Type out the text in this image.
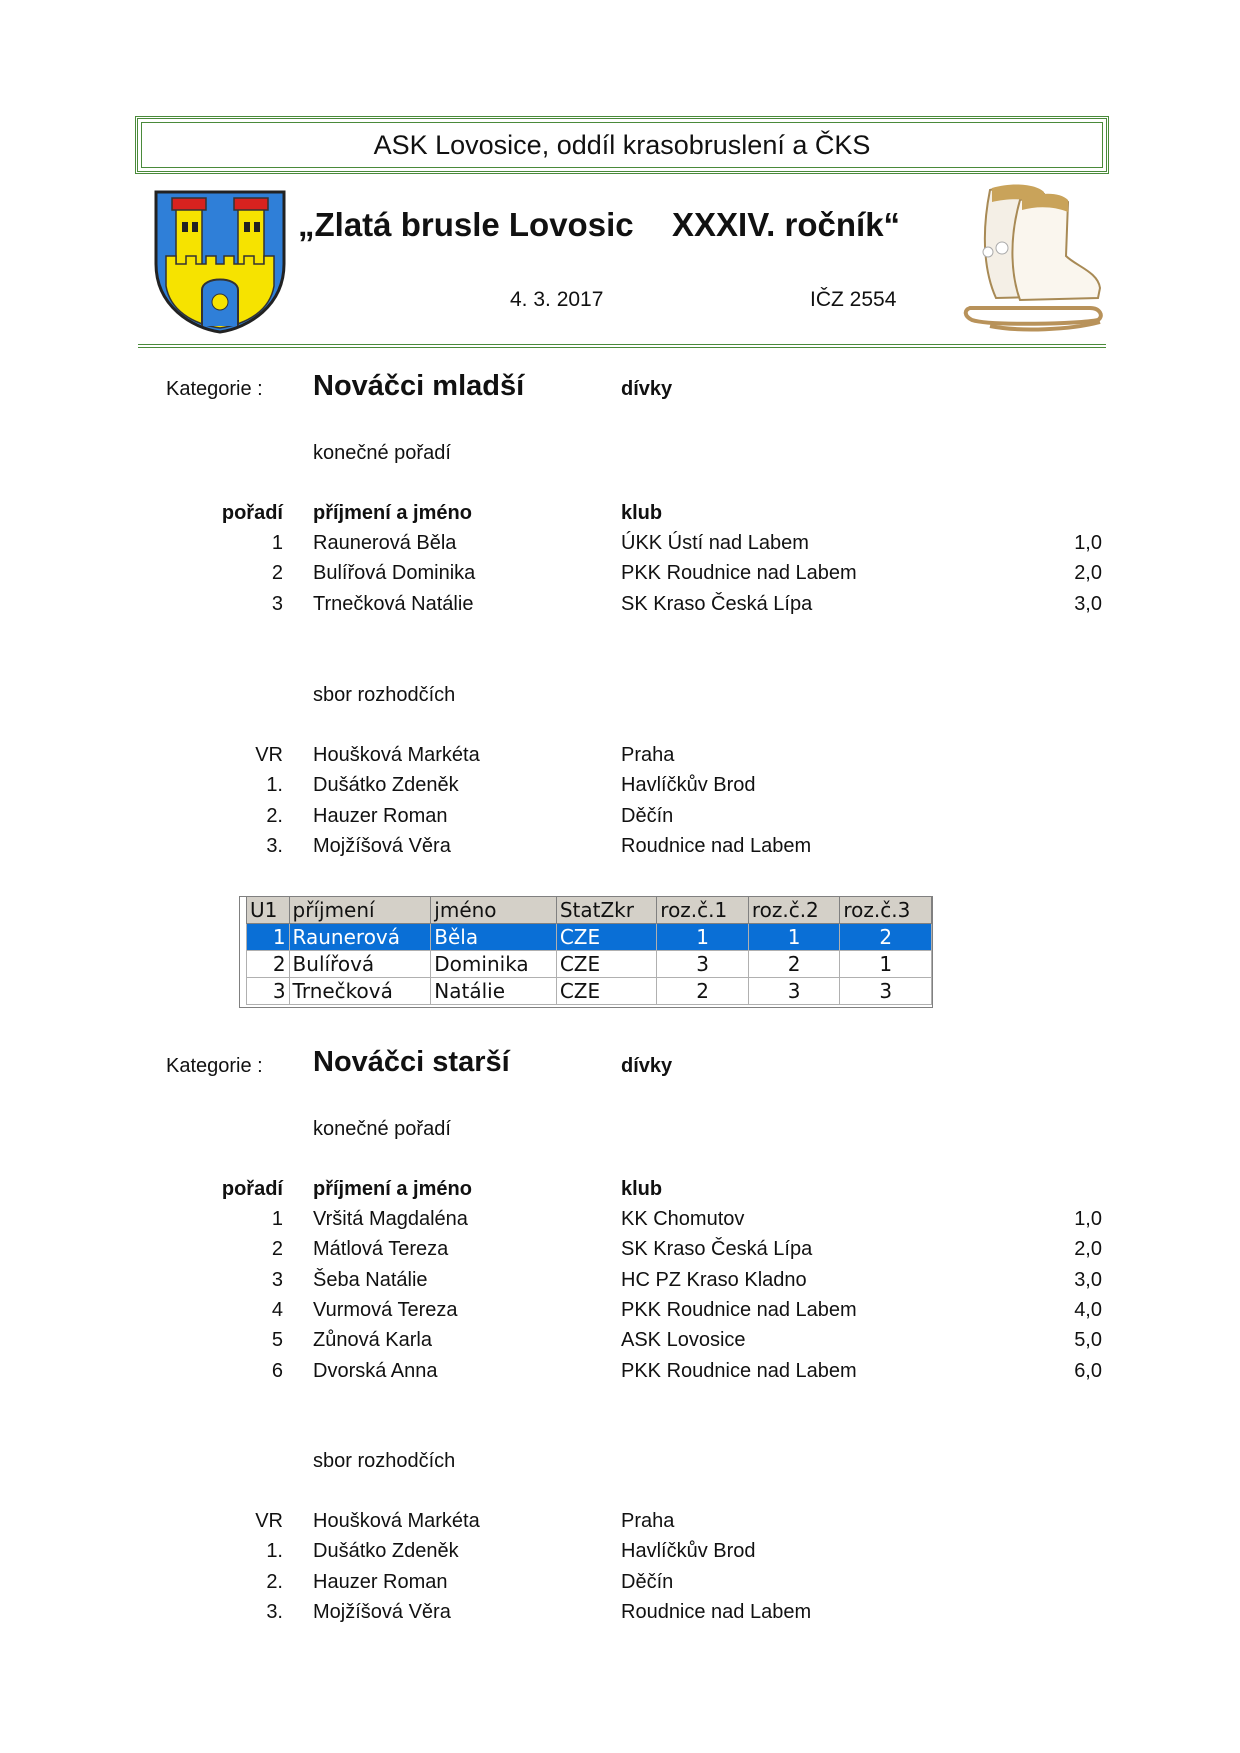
ASK Lovosice, oddíl krasobruslení a ČKS
„Zlatá brusle Lovosic XXXIV. ročník“
4. 3. 2017	IČZ 2554
Kategorie : Nováčci mladší	dívky
konečné pořadí
pořadí příjmení a jméno	klub
1 Raunerová Běla	ÚKK Ústí nad Labem	1,0
2 Bulířová Dominika	PKK Roudnice nad Labem	2,0
3 Trnečková Natálie	SK Kraso Česká Lípa	3,0
sbor rozhodčích
VR Houšková Markéta	Praha
1. Dušátko Zdeněk	Havlíčkův Brod
2. Hauzer Roman	Děčín
3. Mojžíšová Věra	Roudnice nad Labem
U1	příjmení	jméno	StatZkr	roz.č.1	roz.č.2	roz.č.3
1	Raunerová	Běla	CZE	1	1	2
2	Bulířová	Dominika	CZE	3	2	1
3	Trnečková	Natálie	CZE	2	3	3
Kategorie : Nováčci starší	dívky
konečné pořadí
pořadí příjmení a jméno	klub
1 Vršitá Magdaléna	KK Chomutov	1,0
2 Mátlová Tereza	SK Kraso Česká Lípa	2,0
3 Šeba Natálie	HC PZ Kraso Kladno	3,0
4 Vurmová Tereza	PKK Roudnice nad Labem	4,0
5 Zůnová Karla	ASK Lovosice	5,0
6 Dvorská Anna	PKK Roudnice nad Labem	6,0
sbor rozhodčích
VR Houšková Markéta	Praha
1. Dušátko Zdeněk	Havlíčkův Brod
2. Hauzer Roman	Děčín
3. Mojžíšová Věra	Roudnice nad Labem
